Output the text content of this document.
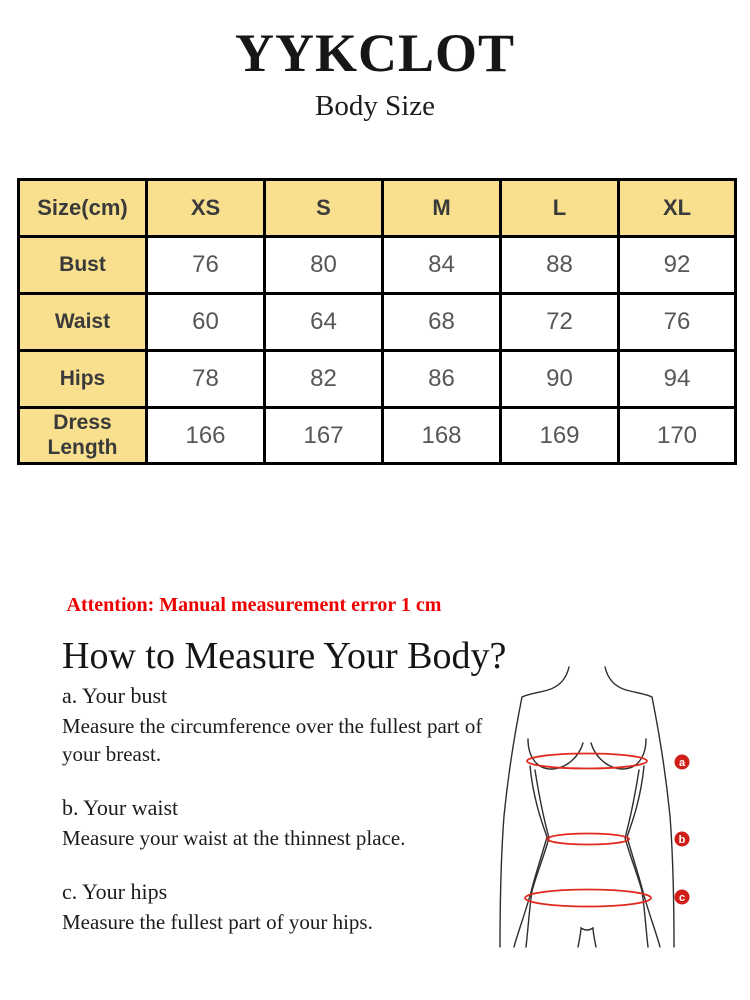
YYKCLOT
Body Size
Size(cm)	XS	S	M	L	XL
Bust	76	80	84	88	92
Waist	60	64	68	72	76
Hips	78	82	86	90	94
Dress Length	166	167	168	169	170
Attention: Manual measurement error 1 cm
How to Measure Your Body?
a. Your bust

Measure the circumference over the fullest part of your breast.

b. Your waist

Measure your waist at the thinnest place.

c. Your hips

Measure the fullest part of your hips.

a
b
c
